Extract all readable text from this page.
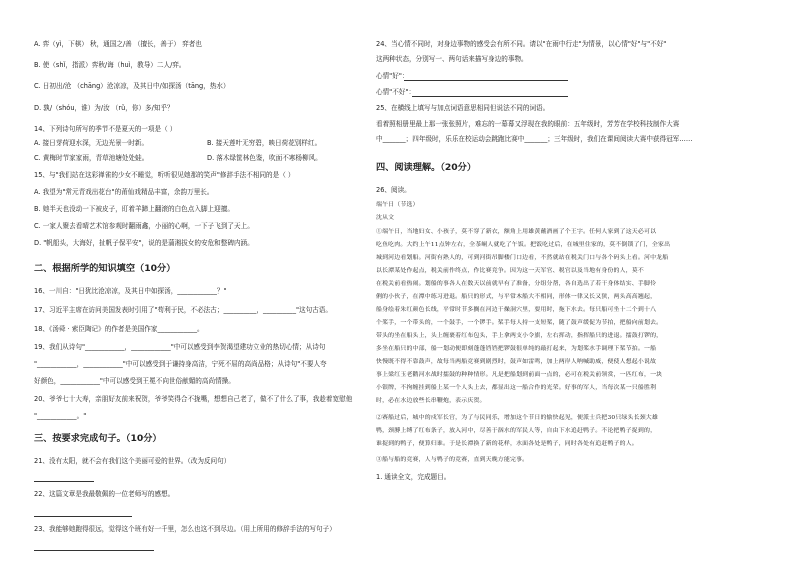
A. 弈（yì，下棋） 秋，通国之/善 （擅长，善于） 弈者也
B. 使（shǐ，指派）弈秋/诲（huì，教导）二人/弈。
C. 日初出/沧 （chāng）沧凉凉，及其日中/如探汤（tāng，热水）
D. 孰/（shóu，谁）为/汝 （rǔ，你）多/知乎？
14、下列诗句所写的季节不是夏天的一项是（ ）
A. 接日芽荷迎水深，无边光景一时新。	B. 接天莲叶无穷碧，映日荷花别样红。
C. 黄梅时节家家雨，青草池塘处处蛙。	D. 落木绿筐林色鉴，吹面不寒杨柳风。
15、与"我们站在这彩禅雀的少女不睡觉，听听很见她那的笑声"修辞手法不相同的是（ ）
A. 我望为"常元青戏出花台"的莆仙戏精品丰富，余韵万里长。
B. 她半天也没动一下被皮子，盯着羊蹄上翻滚的白色点入脚上迎擅。
C. 一家人聚去看晴艺术馆参观时翻雨鑫，小丽的心啊，一下子飞到了天上。
D. "帆船头，大海好，扯帆子保平安"，说的是蒲湘拔女的安危和整碑内涵。
二、根据所学的知识填空（10分）
16、一川自："日犹比沧凉凉，及其日中如探汤，____________？"
17、习近平主席在访问美国发表时引用了"苟利于民，不必法古；__________，__________"这句古语。
18、《汤舜 · 索臣陶记》的作者是美国作家____________。
19、我们从诗句"____________，____________"中可以感受到李贺渴望建功立业的热切心情；从诗句
"____________，____________"中可以感受到于谦持身高洁，宁死不屈的高尚品格；从诗句"不要人夸
好颜色，____________"中可以感受到王冕不向世俗献媚的高尚情操。
20、爷爷七十大寿，亲朋好友前来祝贺，爷爷笑得合不拢嘴，想想自己老了，做不了什么了事，我趁着宽慰他
"____________。"
三、按要求完成句子。（10分）
21、没有太阳，就不会有我们这个美丽可爱的世界。（改为反问句）
22、这篇文章是我最敬佩的一位老师写的感想。
23、我能够她跑得很远，觉得这个班有好一千里，怎么也这不到尽边。（用上所用的修辞手法的写句子）
24、当心情不同时，对身边事物的感受会有所不同。请以"在雨中行走"为情景，以心情"好"与"不好"
这两种状态，分别写一、两句话来描写身边的事物。
心情"好"：
心情"不好"：
25、在横线上填写与加点词语意思相同但说法不同的词语。
看着照相册里最上那一张张照片，难忘的一幕幕又浮现在我的眼前：五年级时，芳芳在学校科技制作大赛
中_______；四年级时，乐乐在校运动会跳跑比赛中_______；三年级时，我们在课间阅读大赛中获得冠军……
四、阅读理解。（20分）
26、阅读。
端午日（节选）
沈从文
①端午日，当地妇女、小孩子，莫不穿了新衣，额角上用雄黄蘸酒画了个王字。任何人家到了这天必可以
吃鱼吃肉。大约上午11点钟左右，全茶峒人就吃了午饭。把饭吃过后，在城里住家的，莫不倒锁了门，全家出
城到河边看划船。河街有熟人的，可到河街吊脚楼门口边看，不然就站在税关门口与各个码头上看。河中龙船
以长潭某处作起点，税关前作终点，作比赛竞争。因为这一天军官、税官以及当地有身份的人，莫不
在税关前看热闹。划船的事各人在数天以前就早有了准备，分组分帮，各自选出了若干身体结实、手脚伶
俐的小伙子，在潭中练习进退。船只的形式，与平常木船大不相同，形体一律又长又狭，两头高高翘起，
船身绘着朱红颜色长线，平常时节多搁在河边干燥洞穴里，要用时，拖下水去。每只船可坐十二个到十八
个桨手，一个带头的，一个鼓手，一个锣手。桨手每人持一支短桨，随了鼓声缓促为节拍，把船向前划去。
带头的坐在船头上，头上缠裹着红布包头，手上拿两支小令旗，左右挥动，指挥船只的进退。擂鼓打锣的，
多坐在船只的中部，船一划动便即刻蓬蓬铛铛把锣鼓很单纯的敲打起来，为划桨水手调理下桨节拍。一船
快慢既不得不靠鼓声，故每当两船竞赛到剧烈时，鼓声如雷鸣，加上两岸人呐喊助威，便使人想起小说故
事上梁红玉老鹳河水战时擂鼓的种种情形。凡是把船划到前面一点的，必可在税关前领赏，一匹红布，一块
小银牌，不拘缠挂到船上某一个人头上去，都显出这一船合作的光荣。好事的军人，当每次某一只船胜利
时，必在水边放些长串鞭炮，表示庆贺。
②赛船过后，城中的戍军长官，为了与民同乐，增加这个节日的愉快起见，便派士兵把30只绿头长颈大雄
鸭，颈膊上缚了红布条子，放入河中，尽善于泅水的军民人等，自由下水追赶鸭子。不论把鸭子捉到的，
谁捉到的鸭子，便算归谁。于是长潭换了新的花样，水面各处是鸭子，同时各处有追赶鸭子的人。
③船与船的竞赛，人与鸭子的竞赛，直到天晚方能完事。
1. 通读全文，完成题目。
